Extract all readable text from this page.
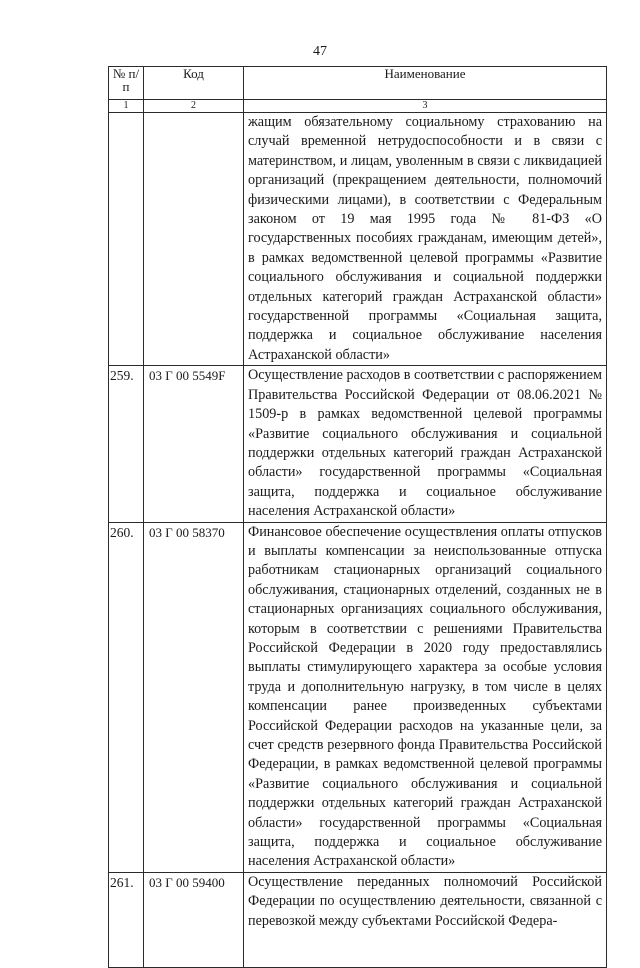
47
№ п/п	Код	Наименование
1	2	3
		жащим обязательному социальному страхованию на случай временной нетрудоспособности и в связи с материнством, и лицам, уволенным в связи с ликвидацией организаций (прекращением деятельности, полномочий физическими лицами), в соответствии с Федеральным законом от 19 мая 1995 года № 81-ФЗ «О государственных пособиях гражданам, имеющим детей», в рамках ведомственной целевой программы «Развитие социального обслуживания и социальной поддержки отдельных категорий граждан Астраханской области» государственной программы «Социальная защита, поддержка и социальное обслуживание населения Астраханской области»
259.	03 Г 00 5549F	Осуществление расходов в соответствии с распоряжением Правительства Российской Федерации от 08.06.2021 № 1509-р в рамках ведомственной целевой программы «Развитие социального обслуживания и социальной поддержки отдельных категорий граждан Астраханской области» государственной программы «Социальная защита, поддержка и социальное обслуживание населения Астраханской области»
260.	03 Г 00 58370	Финансовое обеспечение осуществления оплаты отпусков и выплаты компенсации за неиспользованные отпуска работникам стационарных организаций социального обслуживания, стационарных отделений, созданных не в стационарных организациях социального обслуживания, которым в соответствии с решениями Правительства Российской Федерации в 2020 году предоставлялись выплаты стимулирующего характера за особые условия труда и дополнительную нагрузку, в том числе в целях компенсации ранее произведенных субъектами Российской Федерации расходов на указанные цели, за счет средств резервного фонда Правительства Российской Федерации, в рамках ведомственной целевой программы «Развитие социального обслуживания и социальной поддержки отдельных категорий граждан Астраханской области» государственной программы «Социальная защита, поддержка и социальное обслуживание населения Астраханской области»
261.	03 Г 00 59400	Осуществление переданных полномочий Российской Федерации по осуществлению деятельности, связанной с перевозкой между субъектами Российской Федера-
